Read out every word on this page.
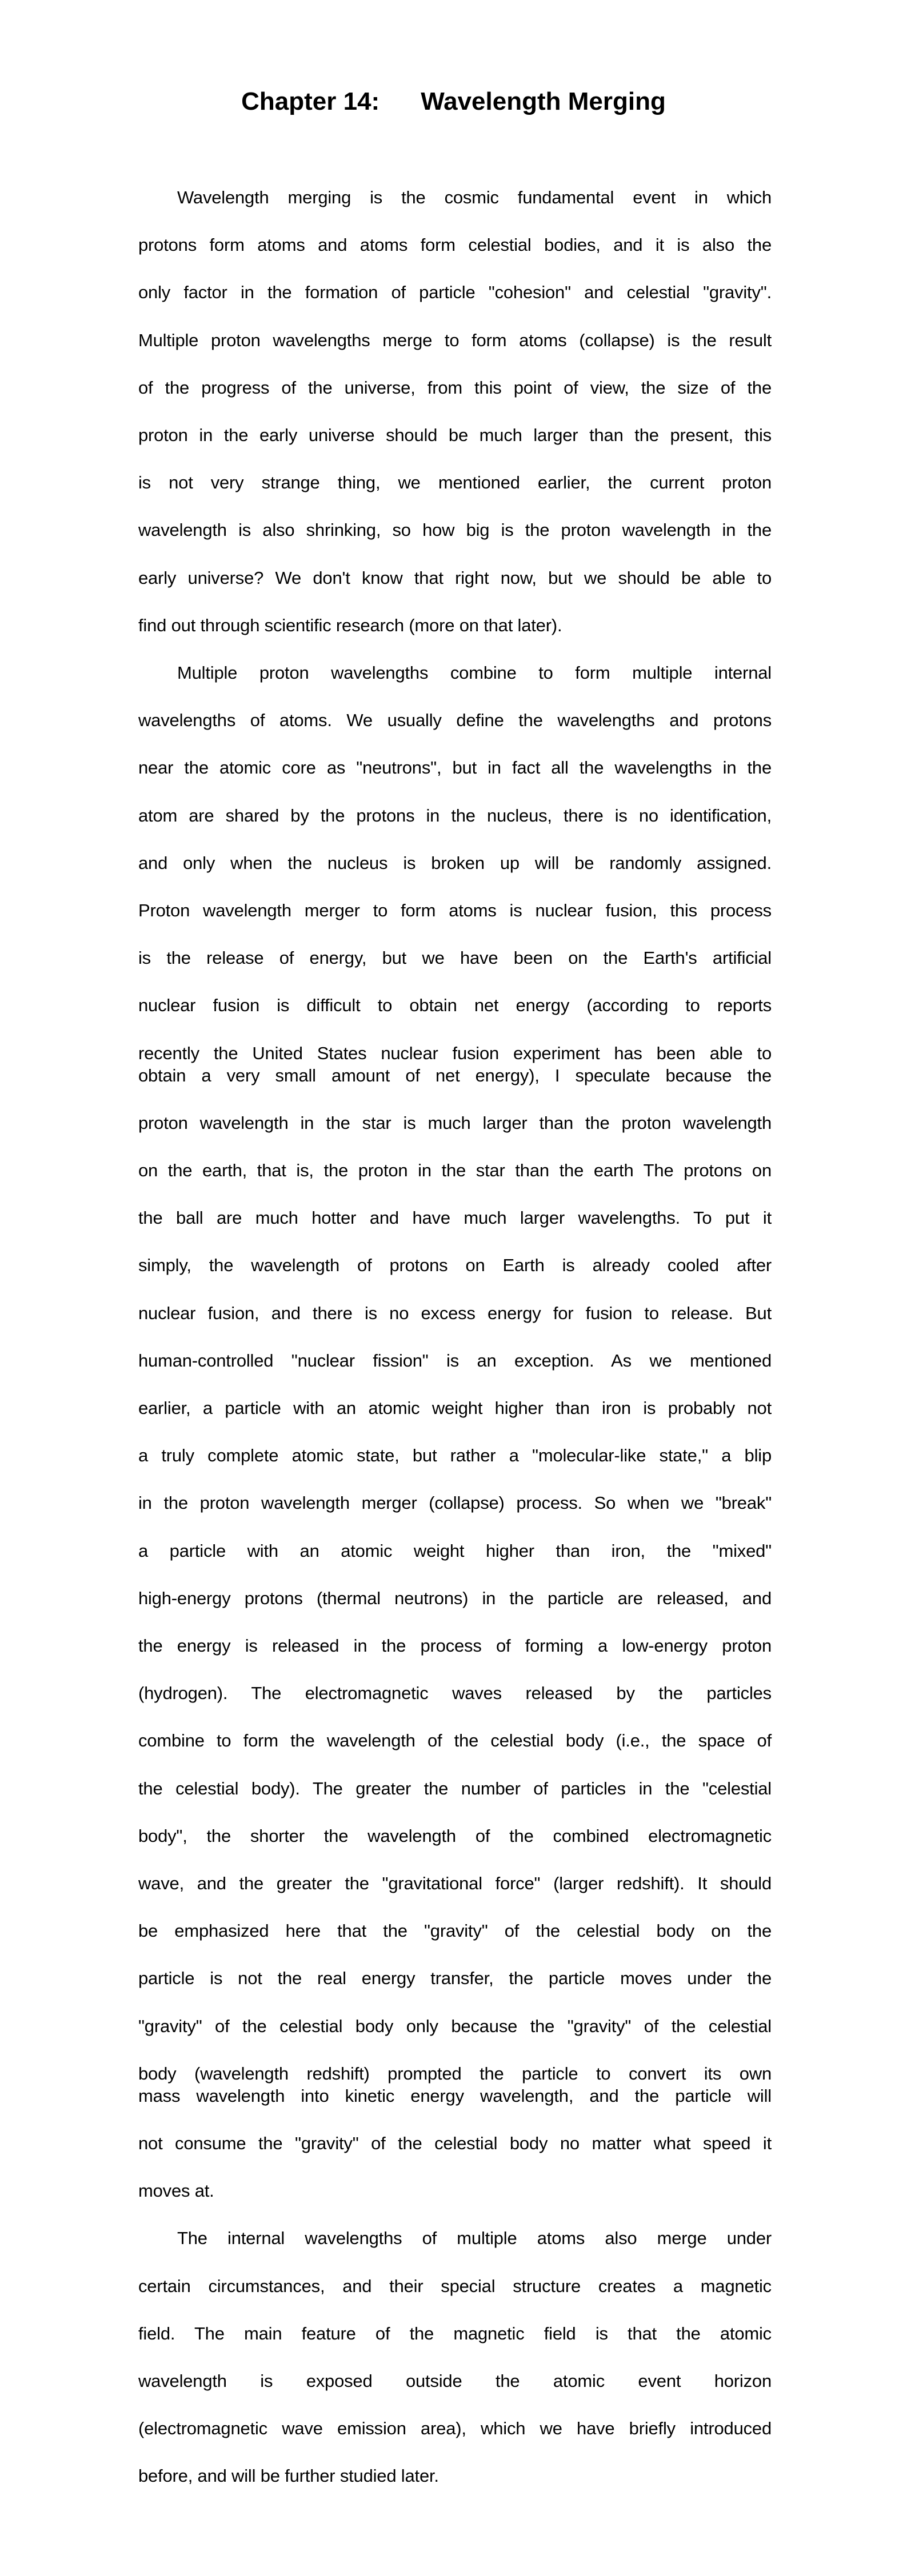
Chapter 14: Wavelength Merging
Wavelength merging is the cosmic fundamental event in which
protons form atoms and atoms form celestial bodies, and it is also the
only factor in the formation of particle "cohesion" and celestial "gravity".
Multiple proton wavelengths merge to form atoms (collapse) is the result
of the progress of the universe, from this point of view, the size of the
proton in the early universe should be much larger than the present, this
is not very strange thing, we mentioned earlier, the current proton
wavelength is also shrinking, so how big is the proton wavelength in the
early universe? We don't know that right now, but we should be able to
find out through scientific research (more on that later).
Multiple proton wavelengths combine to form multiple internal
wavelengths of atoms. We usually define the wavelengths and protons
near the atomic core as "neutrons", but in fact all the wavelengths in the
atom are shared by the protons in the nucleus, there is no identification,
and only when the nucleus is broken up will be randomly assigned.
Proton wavelength merger to form atoms is nuclear fusion, this process
is the release of energy, but we have been on the Earth's artificial
nuclear fusion is difficult to obtain net energy (according to reports
recently the United States nuclear fusion experiment has been able to
obtain a very small amount of net energy), I speculate because the
proton wavelength in the star is much larger than the proton wavelength
on the earth, that is, the proton in the star than the earth The protons on
the ball are much hotter and have much larger wavelengths. To put it
simply, the wavelength of protons on Earth is already cooled after
nuclear fusion, and there is no excess energy for fusion to release. But
human-controlled "nuclear fission" is an exception. As we mentioned
earlier, a particle with an atomic weight higher than iron is probably not
a truly complete atomic state, but rather a "molecular-like state," a blip
in the proton wavelength merger (collapse) process. So when we "break"
a particle with an atomic weight higher than iron, the "mixed"
high-energy protons (thermal neutrons) in the particle are released, and
the energy is released in the process of forming a low-energy proton
(hydrogen). The electromagnetic waves released by the particles
combine to form the wavelength of the celestial body (i.e., the space of
the celestial body). The greater the number of particles in the "celestial
body", the shorter the wavelength of the combined electromagnetic
wave, and the greater the "gravitational force" (larger redshift). It should
be emphasized here that the "gravity" of the celestial body on the
particle is not the real energy transfer, the particle moves under the
"gravity" of the celestial body only because the "gravity" of the celestial
body (wavelength redshift) prompted the particle to convert its own
mass wavelength into kinetic energy wavelength, and the particle will
not consume the "gravity" of the celestial body no matter what speed it
moves at.
The internal wavelengths of multiple atoms also merge under
certain circumstances, and their special structure creates a magnetic
field. The main feature of the magnetic field is that the atomic
wavelength is exposed outside the atomic event horizon
(electromagnetic wave emission area), which we have briefly introduced
before, and will be further studied later.
